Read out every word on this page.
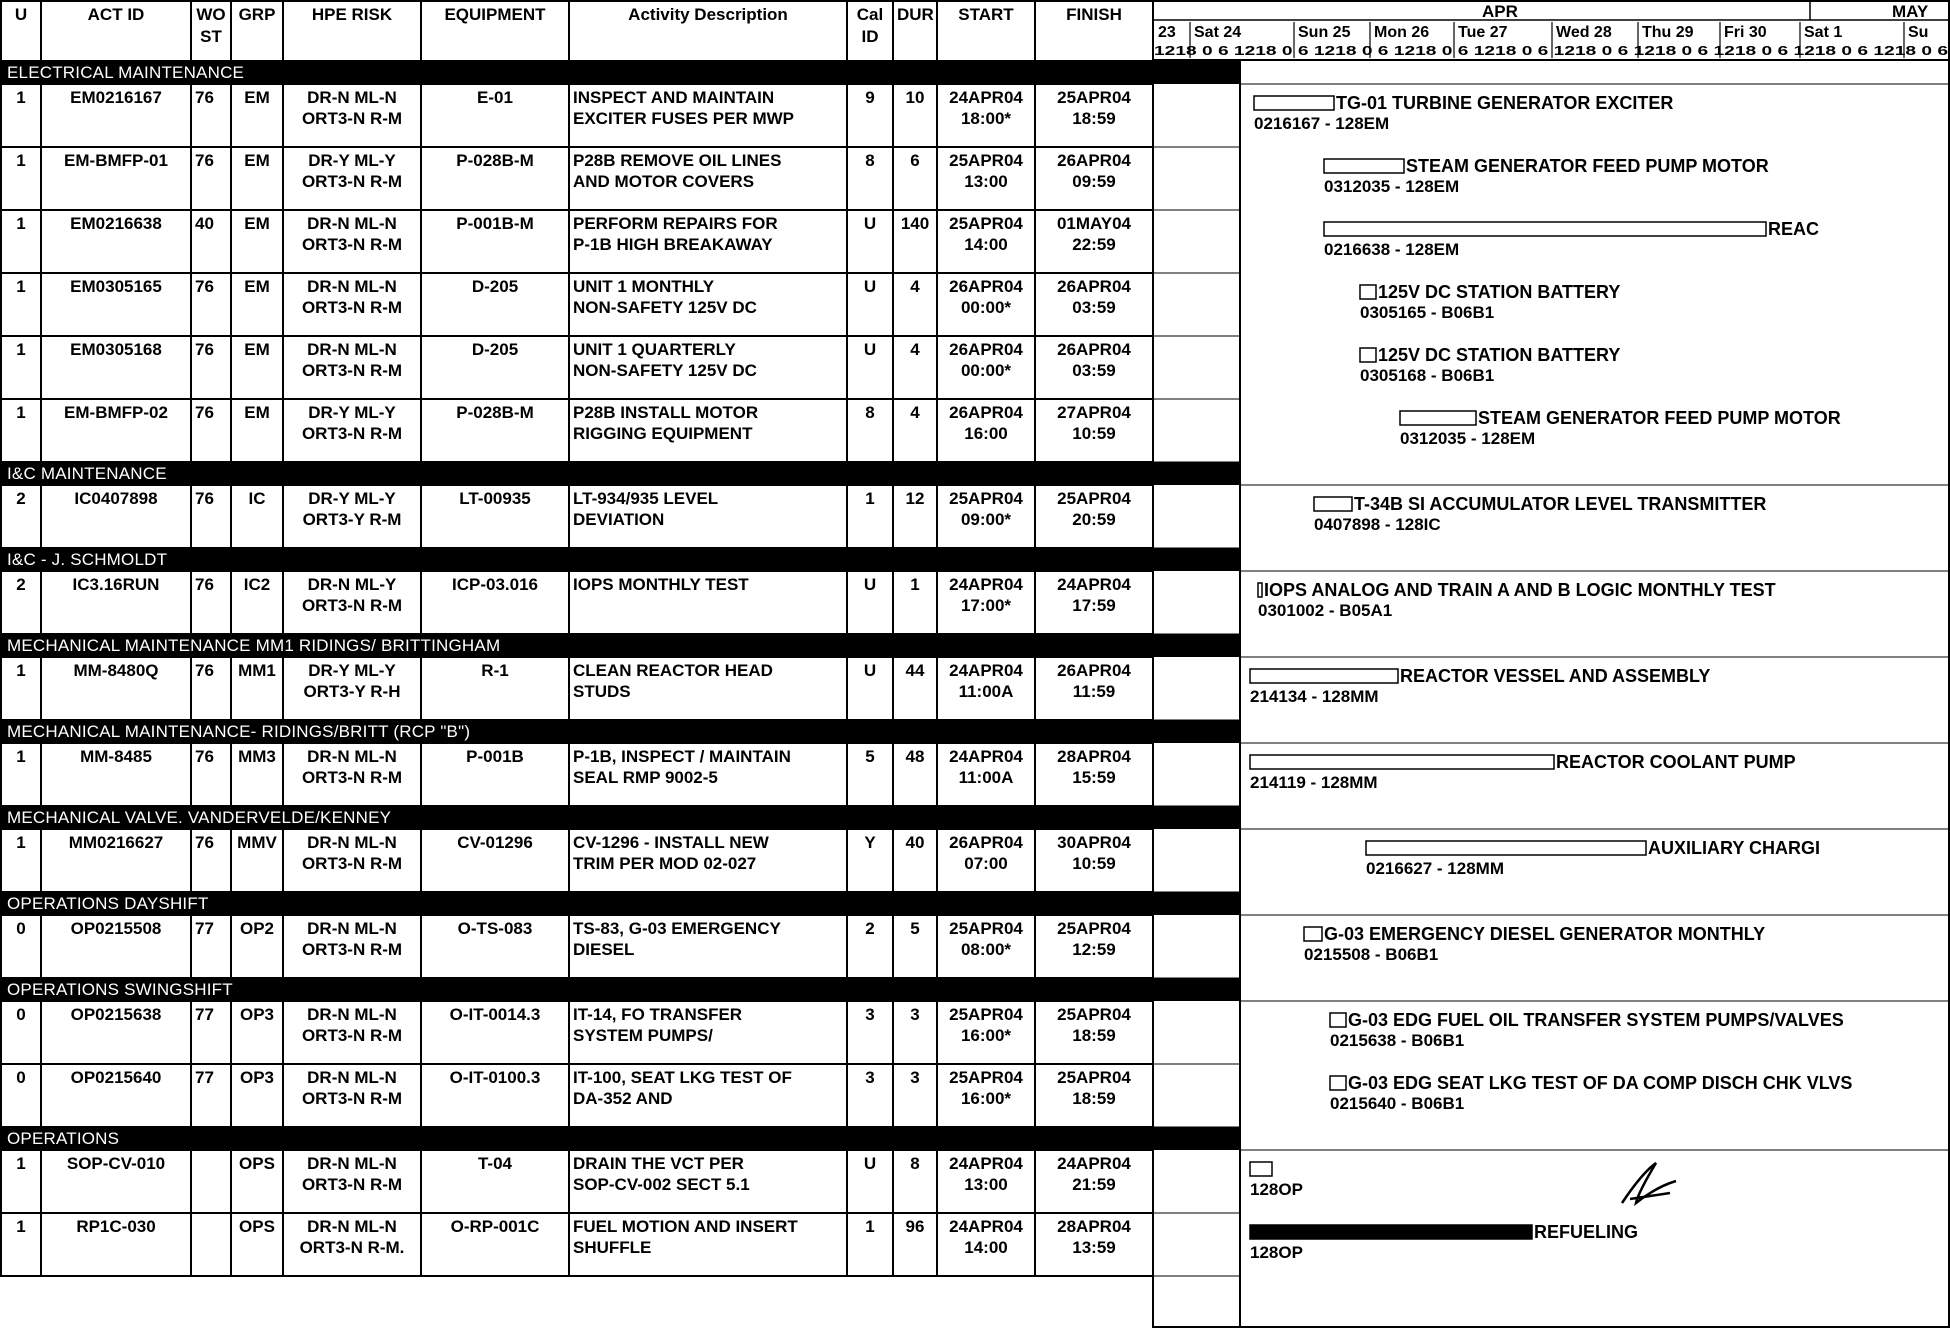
U	ACT ID	WO ST	GRP	HPE RISK	EQUIPMENT	Activity Description	Cal ID	DUR	START	FINISH
ELECTRICAL MAINTENANCE										
1	EM0216167	76	EM	DR-N ML-N
ORT3-N R-M	E-01	INSPECT AND MAINTAIN
EXCITER FUSES PER MWP	9	10	24APR04
18:00*	25APR04
18:59

1	EM-BMFP-01	76	EM	DR-Y ML-Y
ORT3-N R-M	P-028B-M	P28B REMOVE OIL LINES
AND MOTOR COVERS	8	6	25APR04
13:00	26APR04
09:59

1	EM0216638	40	EM	DR-N ML-N
ORT3-N R-M	P-001B-M	PERFORM REPAIRS FOR
P-1B HIGH BREAKAWAY	U	140	25APR04
14:00	01MAY04
22:59

1	EM0305165	76	EM	DR-N ML-N
ORT3-N R-M	D-205	UNIT 1 MONTHLY
NON-SAFETY 125V DC	U	4	26APR04
00:00*	26APR04
03:59

1	EM0305168	76	EM	DR-N ML-N
ORT3-N R-M	D-205	UNIT 1 QUARTERLY
NON-SAFETY 125V DC	U	4	26APR04
00:00*	26APR04
03:59

1	EM-BMFP-02	76	EM	DR-Y ML-Y
ORT3-N R-M	P-028B-M	P28B INSTALL MOTOR
RIGGING EQUIPMENT	8	4	26APR04
16:00	27APR04
10:59

I&C MAINTENANCE										
2	IC0407898	76	IC	DR-Y ML-Y
ORT3-Y R-M	LT-00935	LT-934/935 LEVEL
DEVIATION	1	12	25APR04
09:00*	25APR04
20:59

I&C - J. SCHMOLDT										
2	IC3.16RUN	76	IC2	DR-N ML-Y
ORT3-N R-M	ICP-03.016	IOPS MONTHLY TEST	U	1	24APR04
17:00*	24APR04
17:59

MECHANICAL MAINTENANCE MM1 RIDINGS/ BRITTINGHAM										
1	MM-8480Q	76	MM1	DR-Y ML-Y
ORT3-Y R-H	R-1	CLEAN REACTOR HEAD
STUDS	U	44	24APR04
11:00A	26APR04
11:59

MECHANICAL MAINTENANCE- RIDINGS/BRITT (RCP "B")										
1	MM-8485	76	MM3	DR-N ML-N
ORT3-N R-M	P-001B	P-1B, INSPECT / MAINTAIN
SEAL RMP 9002-5	5	48	24APR04
11:00A	28APR04
15:59

MECHANICAL VALVE. VANDERVELDE/KENNEY										
1	MM0216627	76	MMV	DR-N ML-N
ORT3-N R-M	CV-01296	CV-1296 - INSTALL NEW
TRIM PER MOD 02-027	Y	40	26APR04
07:00	30APR04
10:59

OPERATIONS DAYSHIFT										
0	OP0215508	77	OP2	DR-N ML-N
ORT3-N R-M	O-TS-083	TS-83, G-03 EMERGENCY
DIESEL	2	5	25APR04
08:00*	25APR04
12:59

OPERATIONS SWINGSHIFT										
0	OP0215638	77	OP3	DR-N ML-N
ORT3-N R-M	O-IT-0014.3	IT-14, FO TRANSFER
SYSTEM PUMPS/	3	3	25APR04
16:00*	25APR04
18:59

0	OP0215640	77	OP3	DR-N ML-N
ORT3-N R-M	O-IT-0100.3	IT-100, SEAT LKG TEST OF
DA-352 AND	3	3	25APR04
16:00*	25APR04
18:59

OPERATIONS										
1	SOP-CV-010		OPS	DR-N ML-N
ORT3-N R-M	T-04	DRAIN THE VCT PER
SOP-CV-002 SECT 5.1	U	8	24APR04
13:00	24APR04
21:59

1	RP1C-030		OPS	DR-N ML-N
ORT3-N R-M.	O-RP-001C	FUEL MOTION AND INSERT
SHUFFLE	1	96	24APR04
14:00	28APR04
13:59
APR	MAY
23 Sat 24	Sun 25 Mon 26 Tue 27	Wed 28 Thu 29 Fri 30 Sat 1	Su
1218 0 6 1218 0 6 1218 0 6 1218 0 6 1218 0 6 1218 0 6 1218 0 6 1218 0 6 1218 0 6 1218 0 6
TG-01 TURBINE GENERATOR EXCITER
0216167 - 128EM
STEAM GENERATOR FEED PUMP MOTOR
0312035 - 128EM
REAC
0216638 - 128EM
125V DC STATION BATTERY
0305165 - B06B1
125V DC STATION BATTERY
0305168 - B06B1
STEAM GENERATOR FEED PUMP MOTOR
0312035 - 128EM
T-34B SI ACCUMULATOR LEVEL TRANSMITTER
0407898 - 128IC
IOPS ANALOG AND TRAIN A AND B LOGIC MONTHLY TEST
0301002 - B05A1
REACTOR VESSEL AND ASSEMBLY
214134 - 128MM
REACTOR COOLANT PUMP
214119 - 128MM
AUXILIARY CHARGI
0216627 - 128MM
G-03 EMERGENCY DIESEL GENERATOR MONTHLY
0215508 - B06B1
G-03 EDG FUEL OIL TRANSFER SYSTEM PUMPS/VALVES
0215638 - B06B1
G-03 EDG SEAT LKG TEST OF DA COMP DISCH CHK VLVS
0215640 - B06B1
128OP
REFUELING
128OP
